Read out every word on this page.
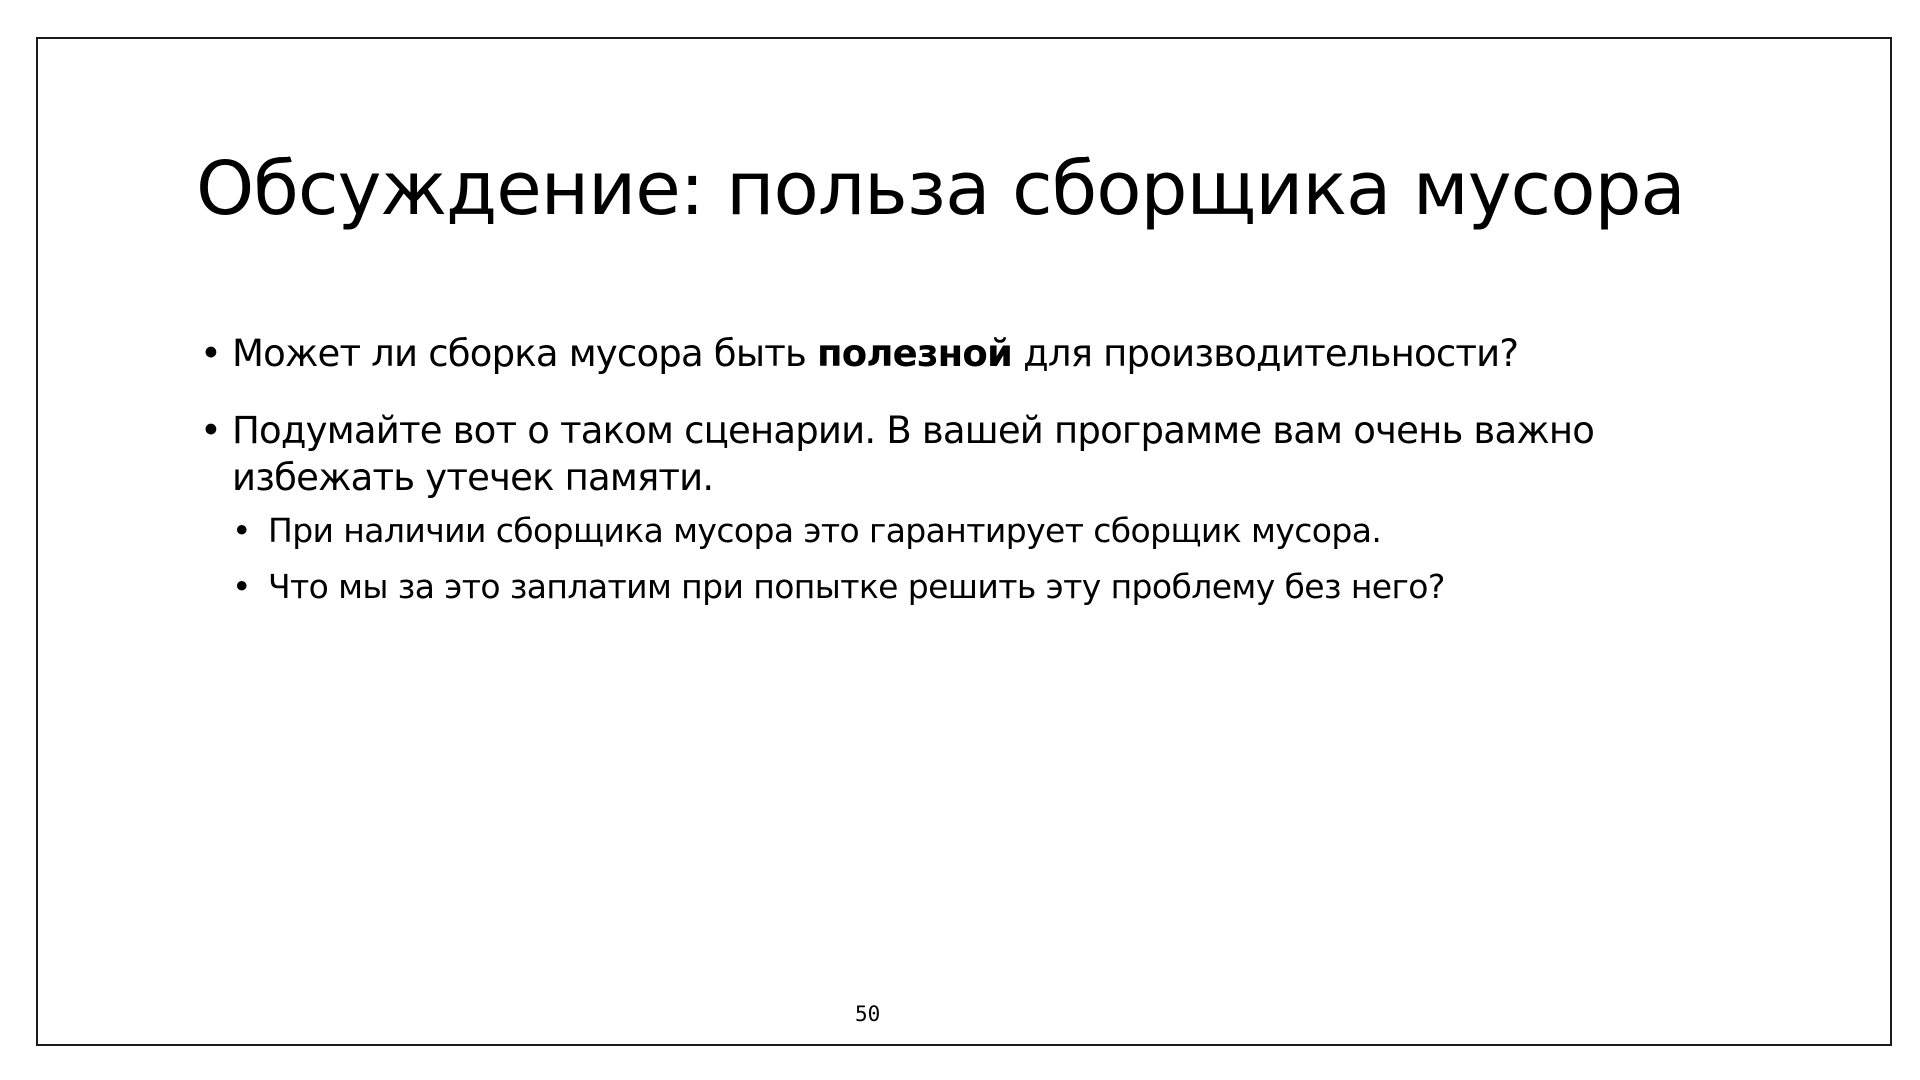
Обсуждение: польза сборщика мусора
• Может ли сборка мусора быть полезной для производительности?
• Подумайте вот о таком сценарии. В вашей программе вам очень важно избежать утечек памяти.
• При наличии сборщика мусора это гарантирует сборщик мусора.
• Что мы за это заплатим при попытке решить эту проблему без него?
50
